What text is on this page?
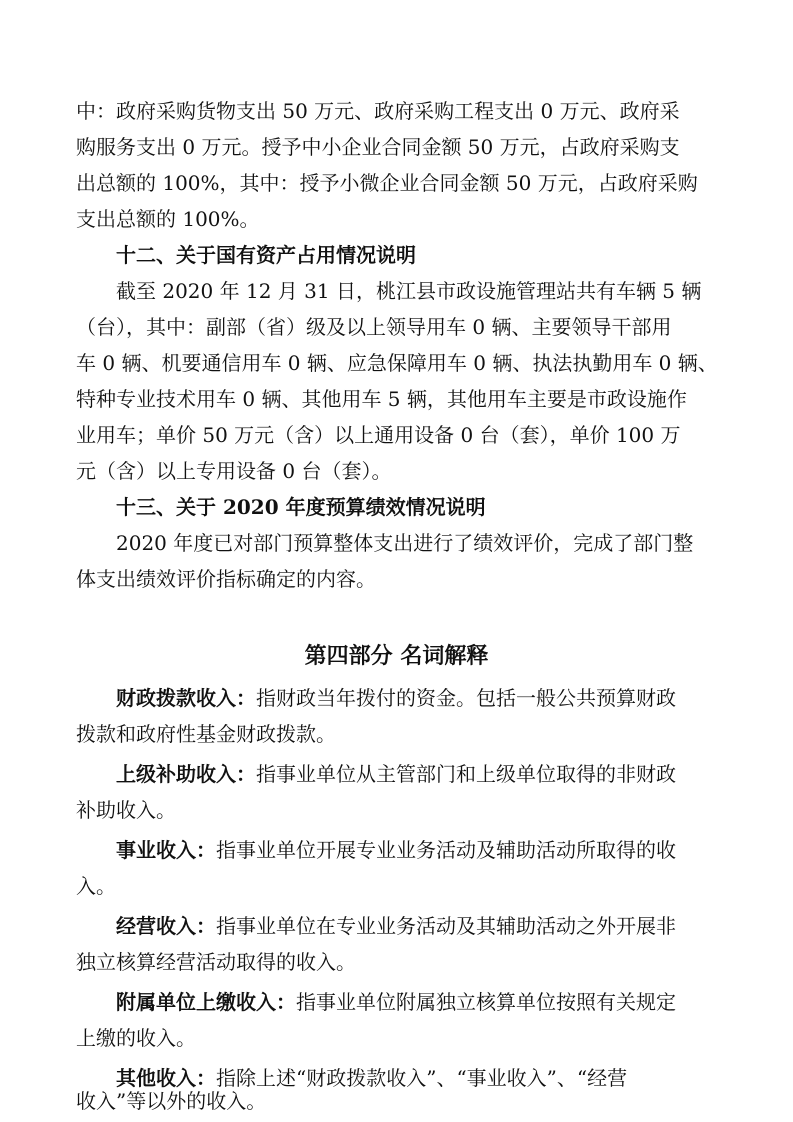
中：政府采购货物支出 50 万元、政府采购工程支出 0 万元、政府采
购服务支出 0 万元。授予中小企业合同金额 50 万元，占政府采购支
出总额的 100%，其中：授予小微企业合同金额 50 万元，占政府采购
支出总额的 100%。
十二、关于国有资产占用情况说明
截至 2020 年 12 月 31 日，桃江县市政设施管理站共有车辆 5 辆
（台），其中：副部（省）级及以上领导用车 0 辆、主要领导干部用
车 0 辆、机要通信用车 0 辆、应急保障用车 0 辆、执法执勤用车 0 辆、
特种专业技术用车 0 辆、其他用车 5 辆，其他用车主要是市政设施作
业用车；单价 50 万元（含）以上通用设备 0 台（套），单价 100 万
元（含）以上专用设备 0 台（套）。
十三、关于 2020 年度预算绩效情况说明
2020 年度已对部门预算整体支出进行了绩效评价，完成了部门整
体支出绩效评价指标确定的内容。
第四部分 名词解释
财政拨款收入：指财政当年拨付的资金。包括一般公共预算财政
拨款和政府性基金财政拨款。
上级补助收入：指事业单位从主管部门和上级单位取得的非财政
补助收入。
事业收入：指事业单位开展专业业务活动及辅助活动所取得的收
入。
经营收入：指事业单位在专业业务活动及其辅助活动之外开展非
独立核算经营活动取得的收入。
附属单位上缴收入：指事业单位附属独立核算单位按照有关规定
上缴的收入。
其他收入：指除上述“财政拨款收入”、“事业收入”、“经营
收入”等以外的收入。
